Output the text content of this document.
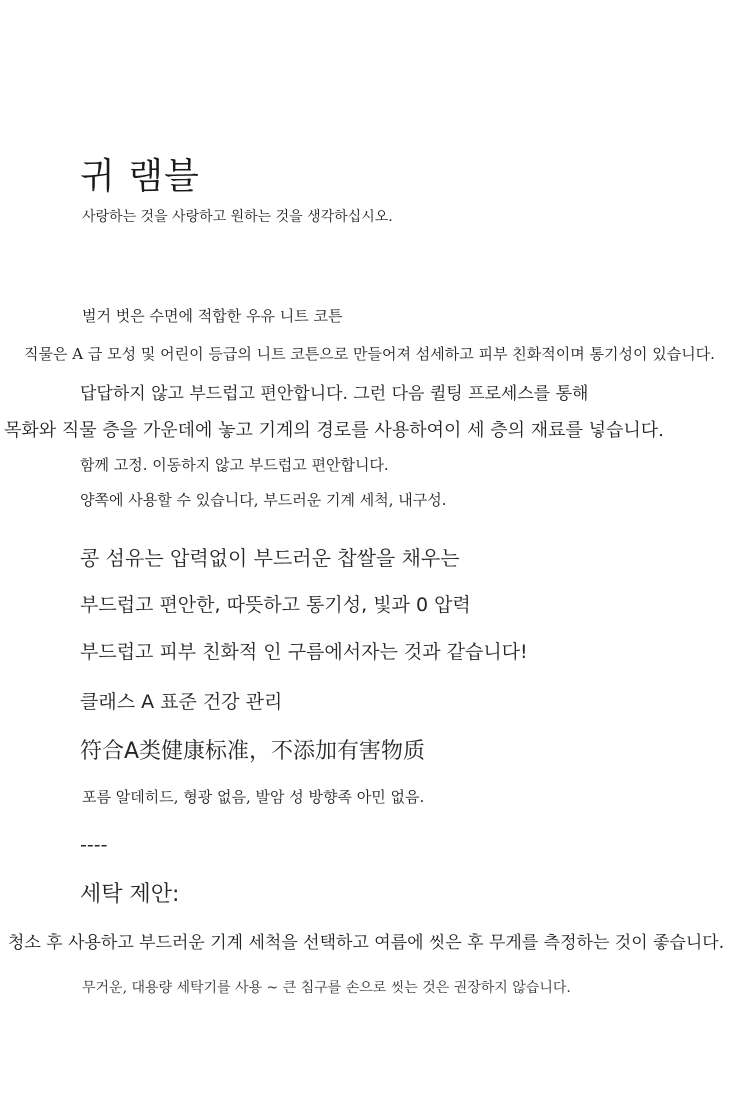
귀 램블
사랑하는 것을 사랑하고 원하는 것을 생각하십시오.
벌거 벗은 수면에 적합한 우유 니트 코튼
직물은 A 급 모성 및 어린이 등급의 니트 코튼으로 만들어져 섬세하고 피부 친화적이며 통기성이 있습니다.
답답하지 않고 부드럽고 편안합니다. 그런 다음 퀼팅 프로세스를 통해
목화와 직물 층을 가운데에 놓고 기계의 경로를 사용하여이 세 층의 재료를 넣습니다.
함께 고정. 이동하지 않고 부드럽고 편안합니다.
양쪽에 사용할 수 있습니다, 부드러운 기계 세척, 내구성.
콩 섬유는 압력없이 부드러운 찹쌀을 채우는
부드럽고 편안한, 따뜻하고 통기성, 빛과 0 압력
부드럽고 피부 친화적 인 구름에서자는 것과 같습니다!
클래스 A 표준 건강 관리
符合A类健康标准，不添加有害物质
포름 알데히드, 형광 없음, 발암 성 방향족 아민 없음.
----
세탁 제안:
청소 후 사용하고 부드러운 기계 세척을 선택하고 여름에 씻은 후 무게를 측정하는 것이 좋습니다.
무거운, 대용량 세탁기를 사용 ~ 큰 침구를 손으로 씻는 것은 권장하지 않습니다.
